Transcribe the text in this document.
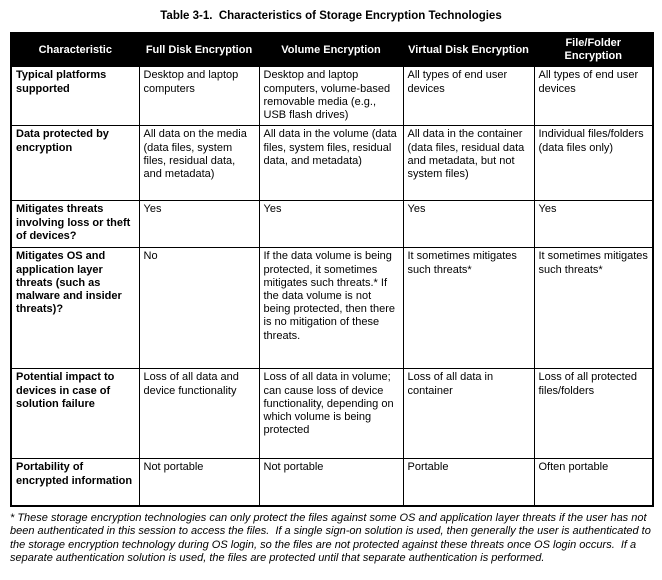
Table 3-1.  Characteristics of Storage Encryption Technologies
Characteristic	Full Disk Encryption	Volume Encryption	Virtual Disk Encryption	File/Folder Encryption
Typical platforms supported	Desktop and laptop computers	Desktop and laptop computers, volume-based removable media (e.g., USB flash drives)	All types of end user devices	All types of end user devices
Data protected by encryption	All data on the media (data files, system files, residual data, and metadata)	All data in the volume (data files, system files, residual data, and metadata)	All data in the container (data files, residual data and metadata, but not system files)	Individual files/folders (data files only)
Mitigates threats involving loss or theft of devices?	Yes	Yes	Yes	Yes
Mitigates OS and application layer threats (such as malware and insider threats)?	No	If the data volume is being protected, it sometimes mitigates such threats.* If the data volume is not being protected, then there is no mitigation of these threats.	It sometimes mitigates such threats*	It sometimes mitigates such threats*
Potential impact to devices in case of solution failure	Loss of all data and device functionality	Loss of all data in volume; can cause loss of device functionality, depending on which volume is being protected	Loss of all data in container	Loss of all protected files/folders
Portability of encrypted information	Not portable	Not portable	Portable	Often portable
* These storage encryption technologies can only protect the files against some OS and application layer threats if the user has not been authenticated in this session to access the files.  If a single sign-on solution is used, then generally the user is authenticated to the storage encryption technology during OS login, so the files are not protected against these threats once OS login occurs.  If a separate authentication solution is used, the files are protected until that separate authentication is performed.
